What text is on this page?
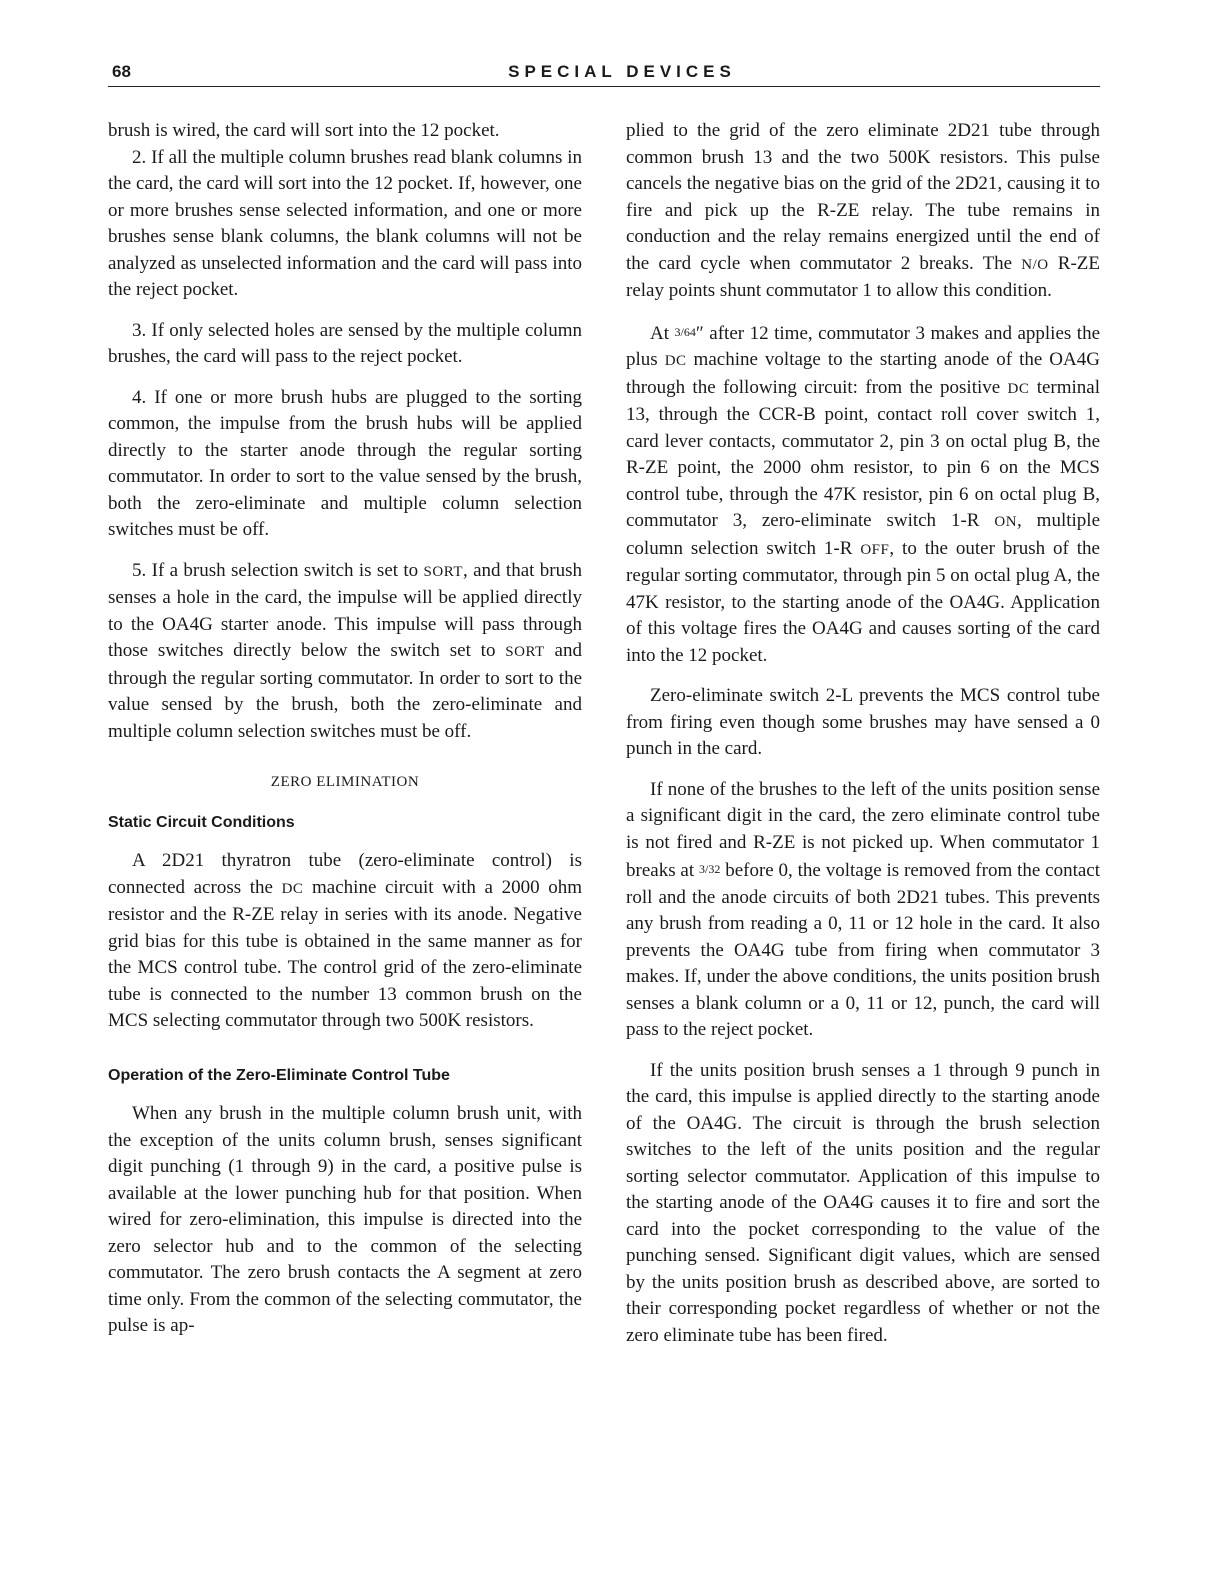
68	SPECIAL DEVICES

brush is wired, the card will sort into the 12 pocket.

2. If all the multiple column brushes read blank columns in the card, the card will sort into the 12 pocket. If, however, one or more brushes sense selected information, and one or more brushes sense blank columns, the blank columns will not be analyzed as unselected information and the card will pass into the reject pocket.

3. If only selected holes are sensed by the multiple column brushes, the card will pass to the reject pocket.

4. If one or more brush hubs are plugged to the sorting common, the impulse from the brush hubs will be applied directly to the starter anode through the regular sorting commutator. In order to sort to the value sensed by the brush, both the zero-eliminate and multiple column selection switches must be off.

5. If a brush selection switch is set to SORT, and that brush senses a hole in the card, the impulse will be applied directly to the OA4G starter anode. This impulse will pass through those switches directly below the switch set to SORT and through the regular sorting commutator. In order to sort to the value sensed by the brush, both the zero-eliminate and multiple column selection switches must be off.

ZERO ELIMINATION
Static Circuit Conditions

A 2D21 thyratron tube (zero-eliminate control) is connected across the DC machine circuit with a 2000 ohm resistor and the R-ZE relay in series with its anode. Negative grid bias for this tube is obtained in the same manner as for the MCS control tube. The control grid of the zero-eliminate tube is connected to the number 13 common brush on the MCS selecting commutator through two 500K resistors.

Operation of the Zero-Eliminate Control Tube

When any brush in the multiple column brush unit, with the exception of the units column brush, senses significant digit punching (1 through 9) in the card, a positive pulse is available at the lower punching hub for that position. When wired for zero-elimination, this impulse is directed into the zero selector hub and to the common of the selecting commutator. The zero brush contacts the A segment at zero time only. From the common of the selecting commutator, the pulse is ap-

plied to the grid of the zero eliminate 2D21 tube through common brush 13 and the two 500K resistors. This pulse cancels the negative bias on the grid of the 2D21, causing it to fire and pick up the R-ZE relay. The tube remains in conduction and the relay remains energized until the end of the card cycle when commutator 2 breaks. The N/O R-ZE relay points shunt commutator 1 to allow this condition.

At 3/64″ after 12 time, commutator 3 makes and applies the plus DC machine voltage to the starting anode of the OA4G through the following circuit: from the positive DC terminal 13, through the CCR-B point, contact roll cover switch 1, card lever contacts, commutator 2, pin 3 on octal plug B, the R-ZE point, the 2000 ohm resistor, to pin 6 on the MCS control tube, through the 47K resistor, pin 6 on octal plug B, commutator 3, zero-eliminate switch 1-R ON, multiple column selection switch 1-R OFF, to the outer brush of the regular sorting commutator, through pin 5 on octal plug A, the 47K resistor, to the starting anode of the OA4G. Application of this voltage fires the OA4G and causes sorting of the card into the 12 pocket.

Zero-eliminate switch 2-L prevents the MCS control tube from firing even though some brushes may have sensed a 0 punch in the card.

If none of the brushes to the left of the units position sense a significant digit in the card, the zero eliminate control tube is not fired and R-ZE is not picked up. When commutator 1 breaks at 3/32 before 0, the voltage is removed from the contact roll and the anode circuits of both 2D21 tubes. This prevents any brush from reading a 0, 11 or 12 hole in the card. It also prevents the OA4G tube from firing when commutator 3 makes. If, under the above conditions, the units position brush senses a blank column or a 0, 11 or 12, punch, the card will pass to the reject pocket.

If the units position brush senses a 1 through 9 punch in the card, this impulse is applied directly to the starting anode of the OA4G. The circuit is through the brush selection switches to the left of the units position and the regular sorting selector commutator. Application of this impulse to the starting anode of the OA4G causes it to fire and sort the card into the pocket corresponding to the value of the punching sensed. Significant digit values, which are sensed by the units position brush as described above, are sorted to their corresponding pocket regardless of whether or not the zero eliminate tube has been fired.
